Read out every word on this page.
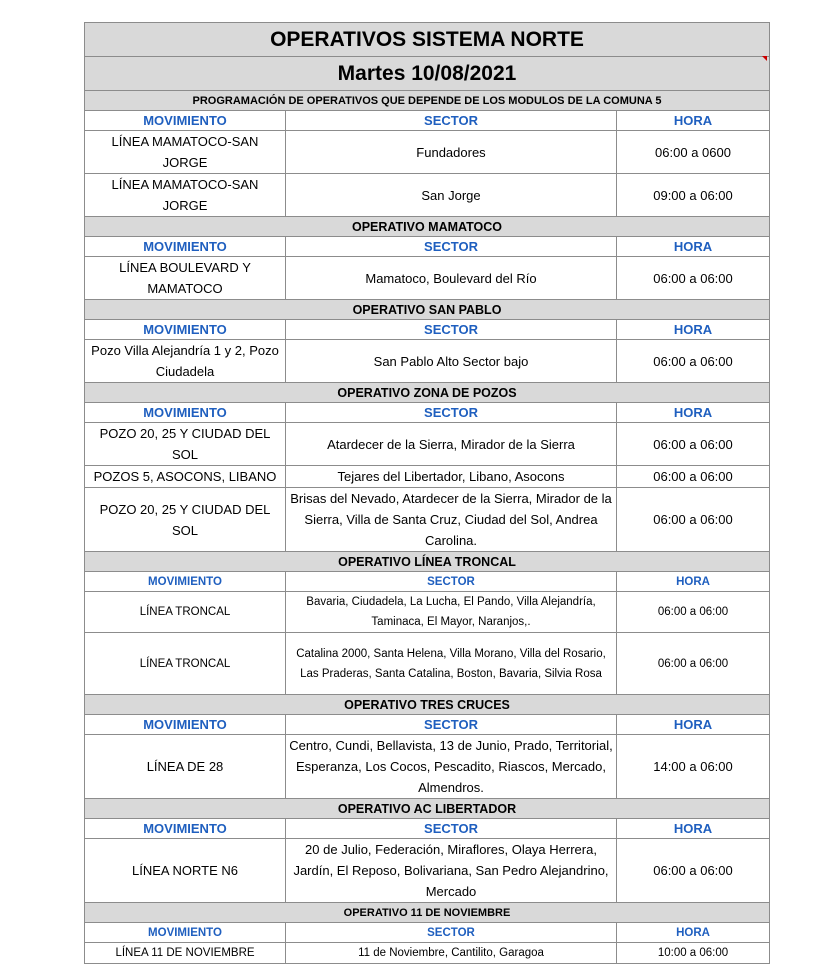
OPERATIVOS SISTEMA NORTE		
Martes 10/08/2021		
PROGRAMACIÓN DE OPERATIVOS QUE DEPENDE DE LOS MODULOS DE LA COMUNA 5		
MOVIMIENTO	SECTOR	HORA
LÍNEA MAMATOCO-SAN JORGE	Fundadores	06:00 a 0600
LÍNEA MAMATOCO-SAN JORGE	San Jorge	09:00 a 06:00
OPERATIVO MAMATOCO		
MOVIMIENTO	SECTOR	HORA
LÍNEA BOULEVARD Y MAMATOCO	Mamatoco, Boulevard del Río	06:00 a 06:00
OPERATIVO SAN PABLO		
MOVIMIENTO	SECTOR	HORA
Pozo Villa Alejandría 1 y 2, Pozo Ciudadela	San Pablo Alto Sector bajo	06:00 a 06:00
OPERATIVO ZONA DE POZOS		
MOVIMIENTO	SECTOR	HORA
POZO 20, 25 Y CIUDAD DEL SOL	Atardecer de la Sierra, Mirador de la Sierra	06:00 a 06:00
POZOS 5, ASOCONS, LIBANO	Tejares del Libertador, Libano, Asocons	06:00 a 06:00
POZO 20, 25 Y CIUDAD DEL SOL	Brisas del Nevado, Atardecer de la Sierra, Mirador de la Sierra, Villa de Santa Cruz, Ciudad del Sol, Andrea Carolina.	06:00 a 06:00
OPERATIVO LÍNEA TRONCAL		
MOVIMIENTO	SECTOR	HORA
LÍNEA TRONCAL	Bavaria, Ciudadela, La Lucha, El Pando, Villa Alejandría, Taminaca, El Mayor, Naranjos,.	06:00 a 06:00
LÍNEA TRONCAL	Catalina 2000, Santa Helena, Villa Morano, Villa del Rosario, Las Praderas, Santa Catalina, Boston, Bavaria, Silvia Rosa	06:00 a 06:00
OPERATIVO TRES CRUCES		
MOVIMIENTO	SECTOR	HORA
LÍNEA DE 28	Centro, Cundi, Bellavista, 13 de Junio, Prado, Territorial, Esperanza, Los Cocos, Pescadito, Riascos, Mercado, Almendros.	14:00 a 06:00
OPERATIVO AC LIBERTADOR		
MOVIMIENTO	SECTOR	HORA
LÍNEA NORTE N6	20 de Julio, Federación, Miraflores, Olaya Herrera, Jardín, El Reposo, Bolivariana, San Pedro Alejandrino, Mercado	06:00 a 06:00
OPERATIVO 11 DE NOVIEMBRE		
MOVIMIENTO	SECTOR	HORA
LÍNEA 11 DE NOVIEMBRE	11 de Noviembre, Cantilito, Garagoa	10:00 a 06:00
